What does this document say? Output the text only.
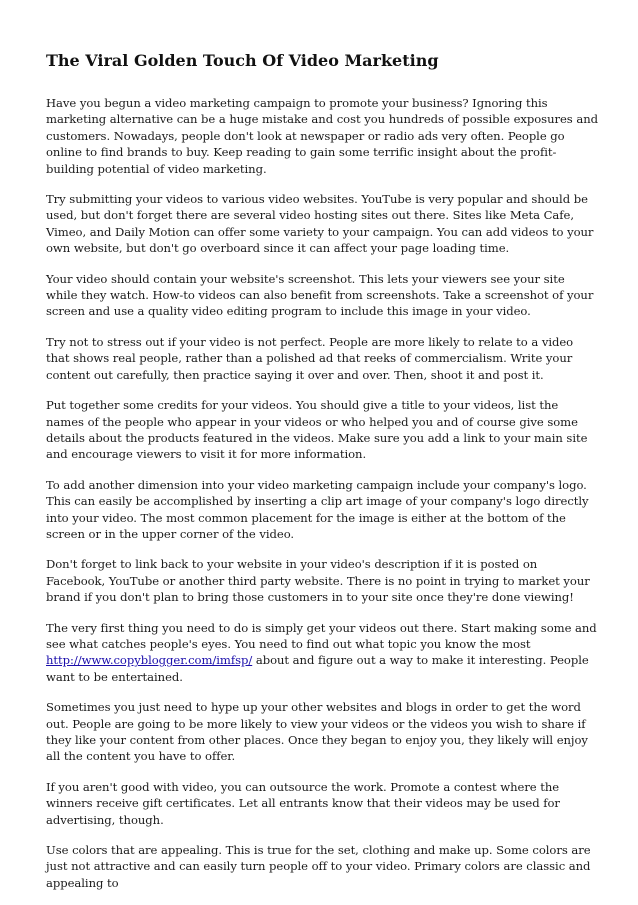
The Viral Golden Touch Of Video Marketing

Have you begun a video marketing campaign to promote your business? Ignoring this marketing alternative can be a huge mistake and cost you hundreds of possible exposures and customers. Nowadays, people don't look at newspaper or radio ads very often. People go online to find brands to buy. Keep reading to gain some terrific insight about the profit-building potential of video marketing.

Try submitting your videos to various video websites. YouTube is very popular and should be used, but don't forget there are several video hosting sites out there. Sites like Meta Cafe, Vimeo, and Daily Motion can offer some variety to your campaign. You can add videos to your own website, but don't go overboard since it can affect your page loading time.

Your video should contain your website's screenshot. This lets your viewers see your site while they watch. How-to videos can also benefit from screenshots. Take a screenshot of your screen and use a quality video editing program to include this image in your video.

Try not to stress out if your video is not perfect. People are more likely to relate to a video that shows real people, rather than a polished ad that reeks of commercialism. Write your content out carefully, then practice saying it over and over. Then, shoot it and post it.

Put together some credits for your videos. You should give a title to your videos, list the names of the people who appear in your videos or who helped you and of course give some details about the products featured in the videos. Make sure you add a link to your main site and encourage viewers to visit it for more information.

To add another dimension into your video marketing campaign include your company's logo. This can easily be accomplished by inserting a clip art image of your company's logo directly into your video. The most common placement for the image is either at the bottom of the screen or in the upper corner of the video.

Don't forget to link back to your website in your video's description if it is posted on Facebook, YouTube or another third party website. There is no point in trying to market your brand if you don't plan to bring those customers in to your site once they're done viewing!

The very first thing you need to do is simply get your videos out there. Start making some and see what catches people's eyes. You need to find out what topic you know the most http://www.copyblogger.com/imfsp/ about and figure out a way to make it interesting. People want to be entertained.

Sometimes you just need to hype up your other websites and blogs in order to get the word out. People are going to be more likely to view your videos or the videos you wish to share if they like your content from other places. Once they began to enjoy you, they likely will enjoy all the content you have to offer.

If you aren't good with video, you can outsource the work. Promote a contest where the winners receive gift certificates. Let all entrants know that their videos may be used for advertising, though.

Use colors that are appealing. This is true for the set, clothing and make up. Some colors are just not attractive and can easily turn people off to your video. Primary colors are classic and appealing to
